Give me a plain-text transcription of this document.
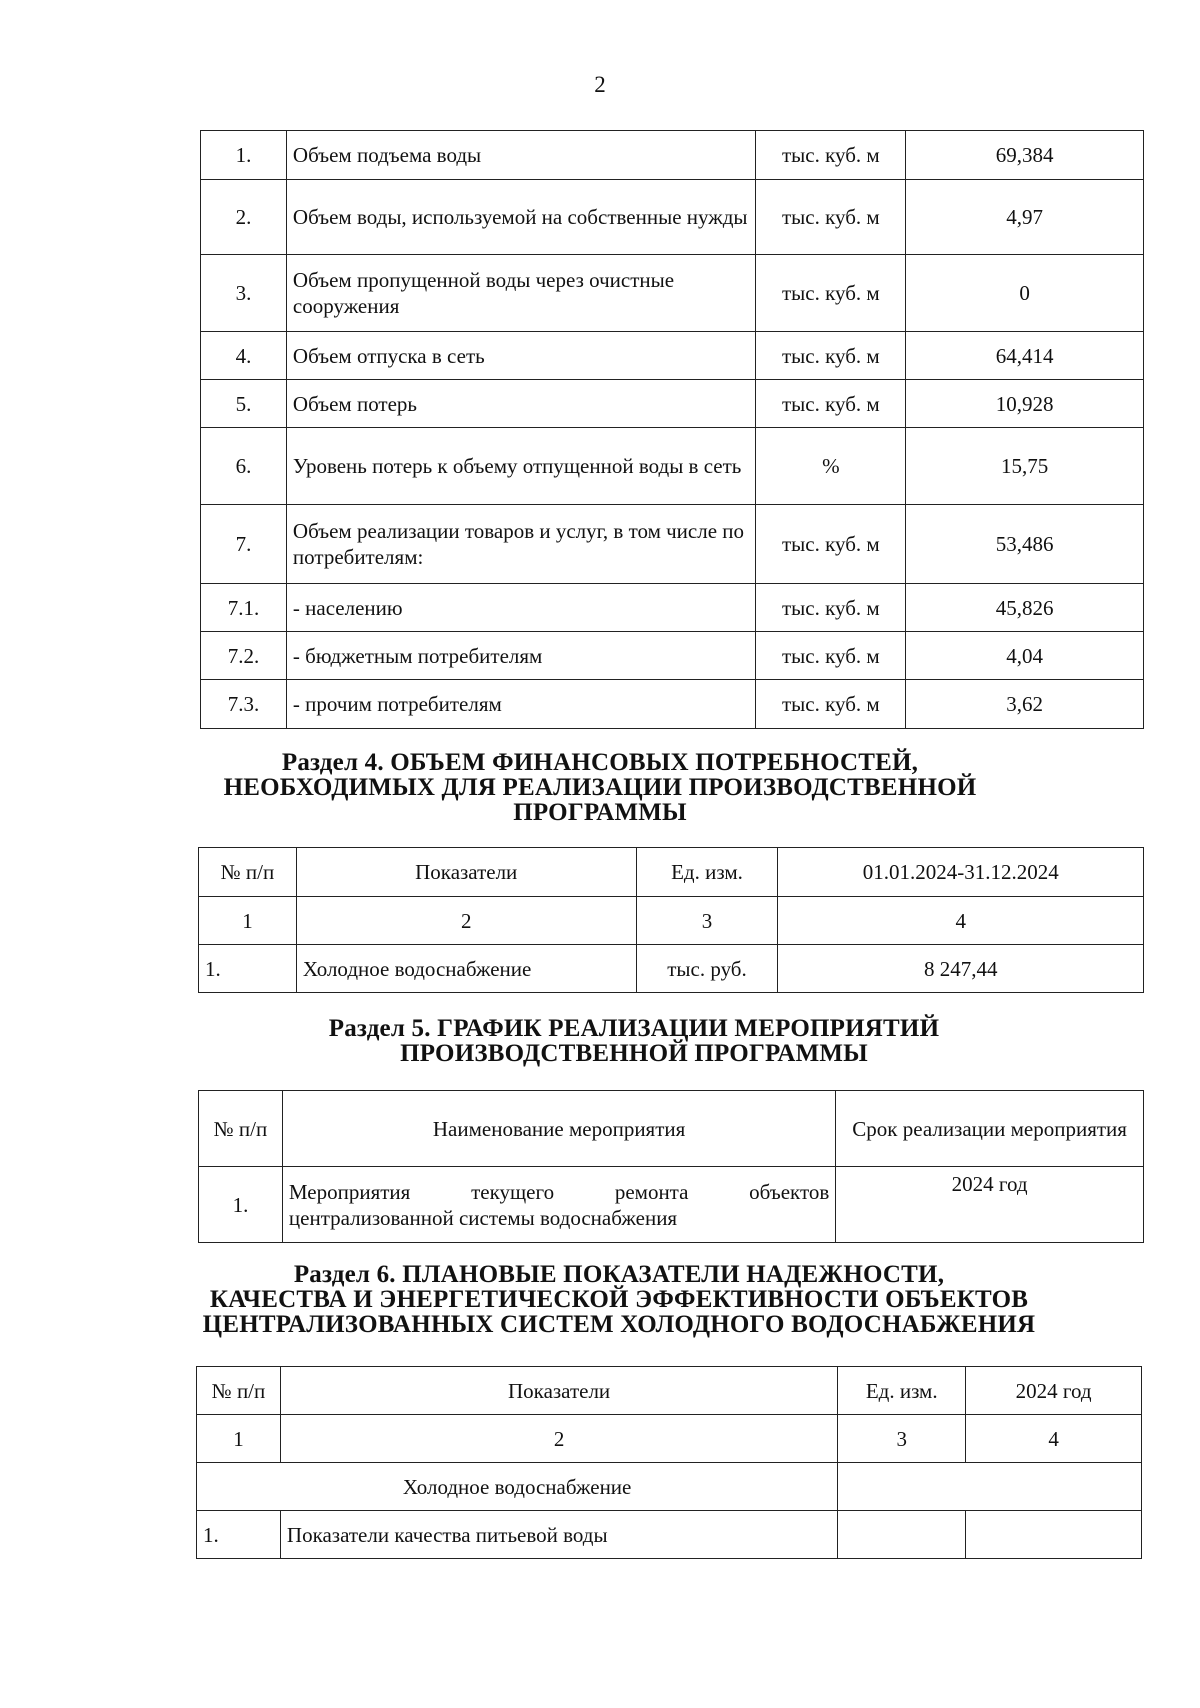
2
1.	Объем подъема воды	тыс. куб. м	69,384
2.	Объем воды, используемой на собственные нужды	тыс. куб. м	4,97
3.	Объем пропущенной воды через очистные сооружения	тыс. куб. м	0
4.	Объем отпуска в сеть	тыс. куб. м	64,414
5.	Объем потерь	тыс. куб. м	10,928
6.	Уровень потерь к объему отпущенной воды в сеть	%	15,75
7.	Объем реализации товаров и услуг, в том числе по потребителям:	тыс. куб. м	53,486
7.1.	- населению	тыс. куб. м	45,826
7.2.	- бюджетным потребителям	тыс. куб. м	4,04
7.3.	- прочим потребителям	тыс. куб. м	3,62
Раздел 4. ОБЪЕМ ФИНАНСОВЫХ ПОТРЕБНОСТЕЙ,
НЕОБХОДИМЫХ ДЛЯ РЕАЛИЗАЦИИ ПРОИЗВОДСТВЕННОЙ
ПРОГРАММЫ
№ п/п	Показатели	Ед. изм.	01.01.2024-31.12.2024
1	2	3	4
1.	Холодное водоснабжение	тыс. руб.	8 247,44
Раздел 5. ГРАФИК РЕАЛИЗАЦИИ МЕРОПРИЯТИЙ
ПРОИЗВОДСТВЕННОЙ ПРОГРАММЫ
№ п/п	Наименование мероприятия	Срок реализации мероприятия
1.	Мероприятия текущего ремонта объектов централизованной системы водоснабжения	2024 год
Раздел 6. ПЛАНОВЫЕ ПОКАЗАТЕЛИ НАДЕЖНОСТИ,
КАЧЕСТВА И ЭНЕРГЕТИЧЕСКОЙ ЭФФЕКТИВНОСТИ ОБЪЕКТОВ
ЦЕНТРАЛИЗОВАННЫХ СИСТЕМ ХОЛОДНОГО ВОДОСНАБЖЕНИЯ
№ п/п	Показатели	Ед. изм.	2024 год
1	2	3	4
Холодное водоснабжение			
1.	Показатели качества питьевой воды		
